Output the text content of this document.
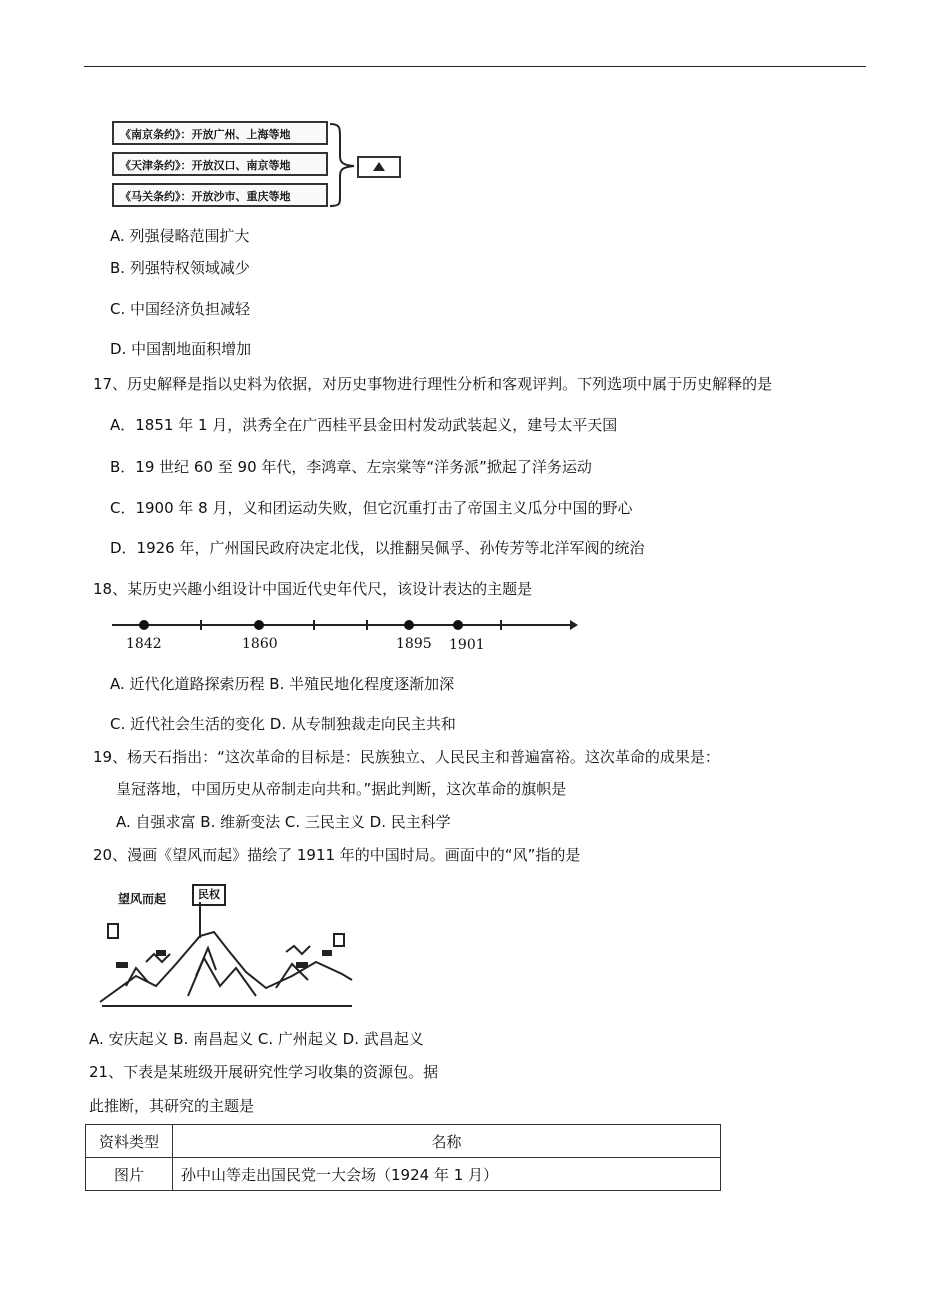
《南京条约》：开放广州、上海等地
《天津条约》：开放汉口、南京等地
《马关条约》：开放沙市、重庆等地
A. 列强侵略范围扩大
B. 列强特权领域减少
C. 中国经济负担减轻
D. 中国割地面积增加
17、历史解释是指以史料为依据，对历史事物进行理性分析和客观评判。下列选项中属于历史解释的是
A．1851 年 1 月，洪秀全在广西桂平县金田村发动武装起义，建号太平天国
B．19 世纪 60 至 90 年代，李鸿章、左宗棠等“洋务派”掀起了洋务运动
C．1900 年 8 月，义和团运动失败，但它沉重打击了帝国主义瓜分中国的野心
D．1926 年，广州国民政府决定北伐，以推翻吴佩孚、孙传芳等北洋军阀的统治
18、某历史兴趣小组设计中国近代史年代尺，该设计表达的主题是
1842	1860	1895 1901
A. 近代化道路探索历程 B. 半殖民地化程度逐渐加深
C. 近代社会生活的变化 D. 从专制独裁走向民主共和
19、杨天石指出：“这次革命的目标是：民族独立、人民民主和普遍富裕。这次革命的成果是：
皇冠落地，中国历史从帝制走向共和。”据此判断，这次革命的旗帜是
A. 自强求富 B. 维新变法 C. 三民主义 D. 民主科学
20、漫画《望风而起》描绘了 1911 年的中国时局。画面中的“风”指的是
望风而起	民权
A. 安庆起义 B. 南昌起义 C. 广州起义 D. 武昌起义
21、下表是某班级开展研究性学习收集的资源包。据
此推断，其研究的主题是
资料类型	名称
图片	孙中山等走出国民党一大会场（1924 年 1 月）
